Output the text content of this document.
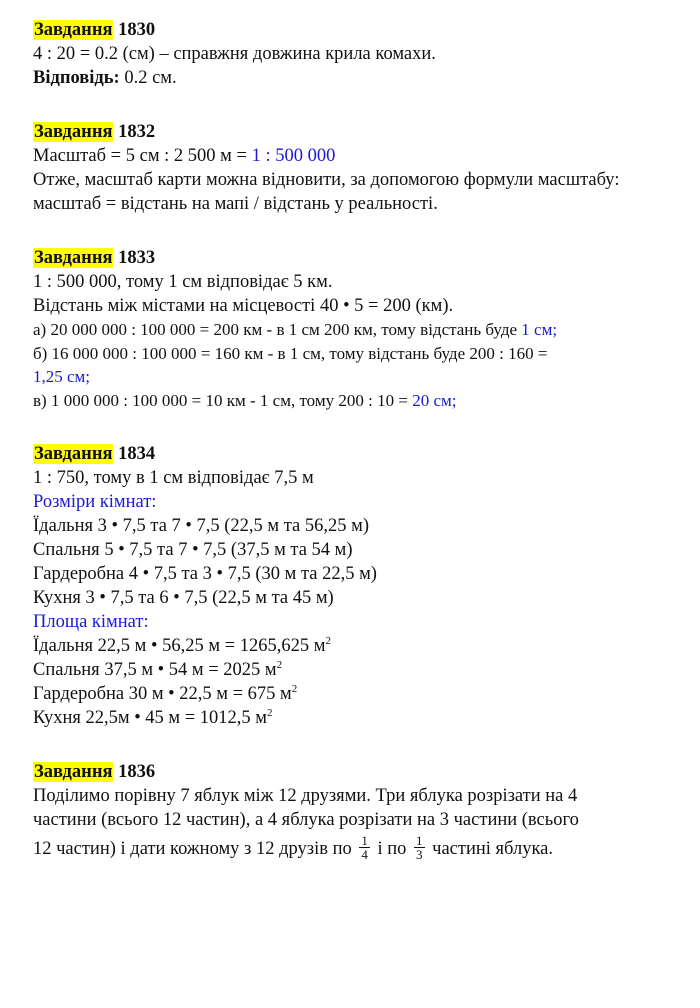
Завдання 1830
4 : 20 = 0.2 (см) – справжня довжина крила комахи.
Відповідь: 0.2 см.
Завдання 1832
Масштаб = 5 см : 2 500 м = 1 : 500 000
Отже, масштаб карти можна відновити, за допомогою формули масштабу: масштаб = відстань на мапі / відстань у реальності.
Завдання 1833
1 : 500 000, тому 1 см відповідає 5 км.
Відстань між містами на місцевості 40 • 5 = 200 (км).
а) 20 000 000 : 100 000 = 200 км - в 1 см 200 км, тому відстань буде 1 см;
б) 16 000 000 : 100 000 = 160 км - в 1 см, тому відстань буде 200 : 160 =
1,25 см;
в) 1 000 000 : 100 000 = 10 км - 1 см, тому 200 : 10 = 20 см;
Завдання 1834
1 : 750, тому в 1 см відповідає 7,5 м
Розміри кімнат:
Їдальня 3 • 7,5 та 7 • 7,5 (22,5 м та 56,25 м)
Спальня 5 • 7,5 та 7 • 7,5 (37,5 м та 54 м)
Гардеробна 4 • 7,5 та 3 • 7,5 (30 м та 22,5 м)
Кухня 3 • 7,5 та 6 • 7,5 (22,5 м та 45 м)
Площа кімнат:
Їдальня 22,5 м • 56,25 м = 1265,625 $м^2$
Спальня 37,5 м • 54 м = 2025 $м^2$
Гардеробна 30 м • 22,5 м = 675 $м^2$
Кухня 22,5м • 45 м = 1012,5 $м^2$
Завдання 1836
Поділимо порівну 7 яблук між 12 друзями. Три яблука розрізати на 4
частини (всього 12 частин), а 4 яблука розрізати на 3 частини (всього
12 частин) і дати кожному з 12 друзів по $\frac{1}{4}$ і по $\frac{1}{3}$ частині яблука.
